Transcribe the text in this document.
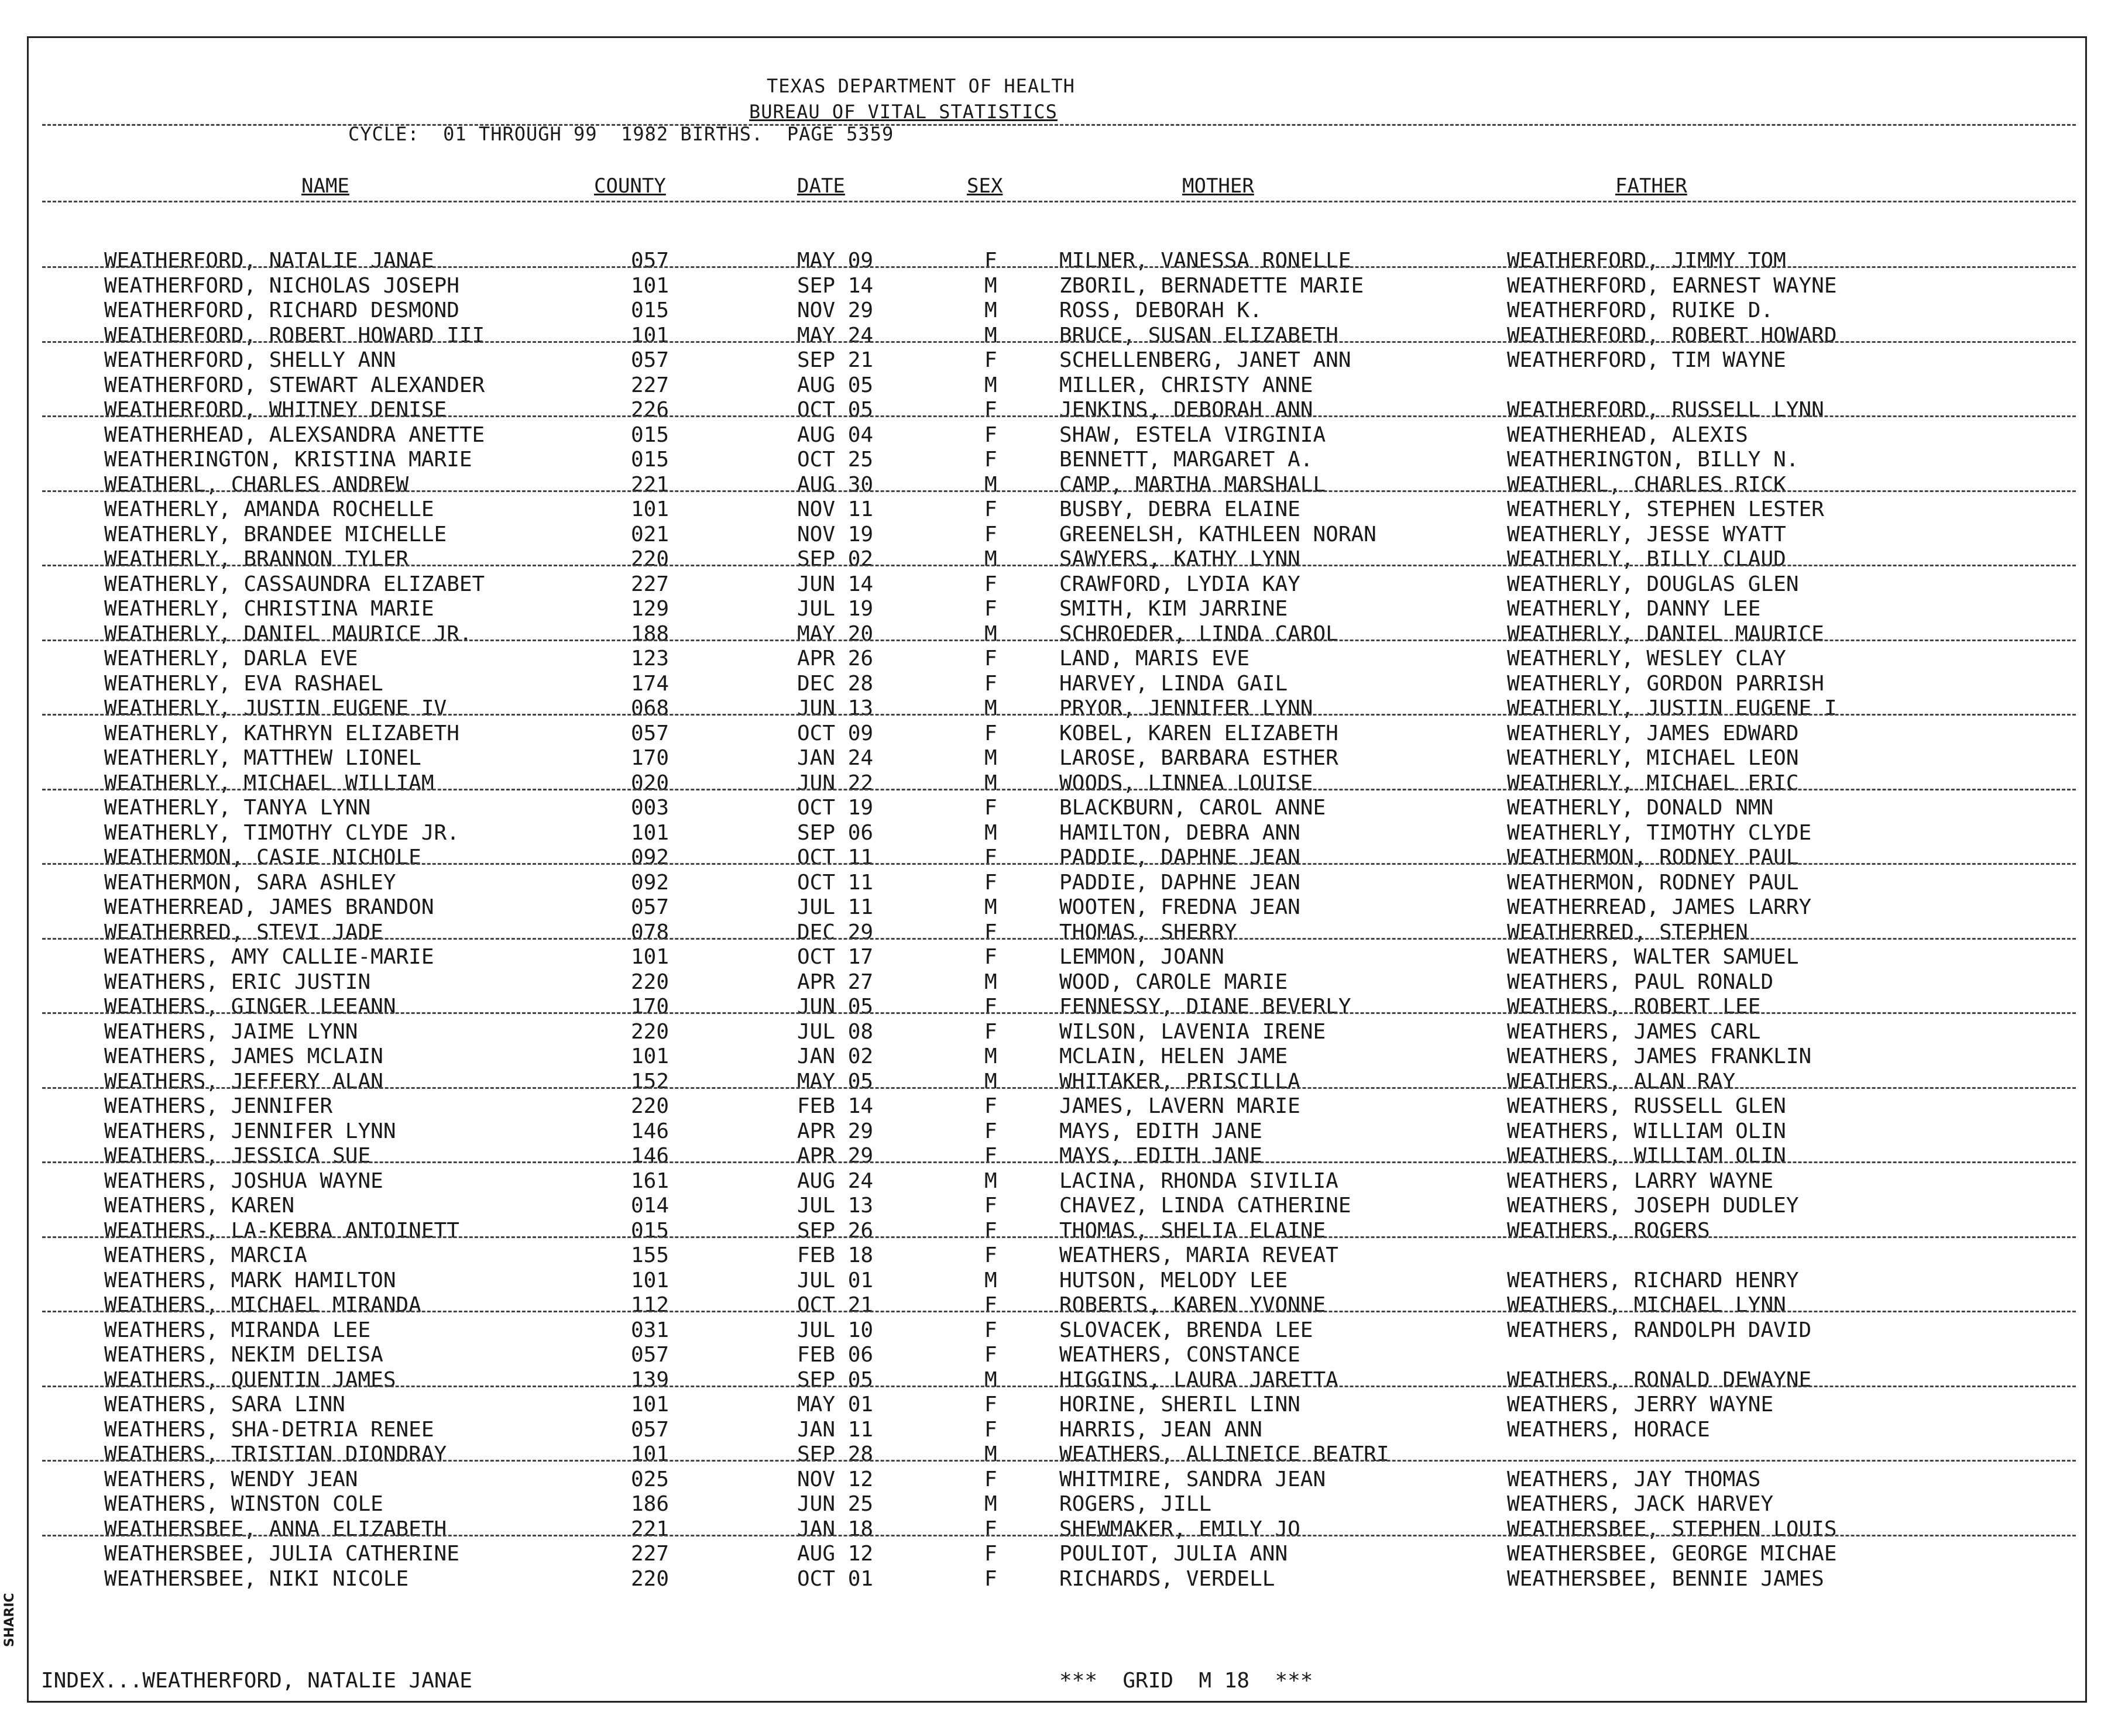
TEXAS DEPARTMENT OF HEALTH
BUREAU OF VITAL STATISTICS
CYCLE:  01 THROUGH 99  1982 BIRTHS.  PAGE 5359
NAME	COUNTY	DATE	SEX	MOTHER	FATHER
WEATHERFORD, NATALIE JANAE	057	MAY 09	F	MILNER, VANESSA RONELLE	WEATHERFORD, JIMMY TOM
WEATHERFORD, NICHOLAS JOSEPH	101	SEP 14	M	ZBORIL, BERNADETTE MARIE	WEATHERFORD, EARNEST WAYNE
WEATHERFORD, RICHARD DESMOND	015	NOV 29	M	ROSS, DEBORAH K.	WEATHERFORD, RUIKE D.
WEATHERFORD, ROBERT HOWARD III	101	MAY 24	M	BRUCE, SUSAN ELIZABETH	WEATHERFORD, ROBERT HOWARD
WEATHERFORD, SHELLY ANN	057	SEP 21	F	SCHELLENBERG, JANET ANN	WEATHERFORD, TIM WAYNE
WEATHERFORD, STEWART ALEXANDER	227	AUG 05	M	MILLER, CHRISTY ANNE
WEATHERFORD, WHITNEY DENISE	226	OCT 05	F	JENKINS, DEBORAH ANN	WEATHERFORD, RUSSELL LYNN
WEATHERHEAD, ALEXSANDRA ANETTE	015	AUG 04	F	SHAW, ESTELA VIRGINIA	WEATHERHEAD, ALEXIS
WEATHERINGTON, KRISTINA MARIE	015	OCT 25	F	BENNETT, MARGARET A.	WEATHERINGTON, BILLY N.
WEATHERL, CHARLES ANDREW	221	AUG 30	M	CAMP, MARTHA MARSHALL	WEATHERL, CHARLES RICK
WEATHERLY, AMANDA ROCHELLE	101	NOV 11	F	BUSBY, DEBRA ELAINE	WEATHERLY, STEPHEN LESTER
WEATHERLY, BRANDEE MICHELLE	021	NOV 19	F	GREENELSH, KATHLEEN NORAN	WEATHERLY, JESSE WYATT
WEATHERLY, BRANNON TYLER	220	SEP 02	M	SAWYERS, KATHY LYNN	WEATHERLY, BILLY CLAUD
WEATHERLY, CASSAUNDRA ELIZABET	227	JUN 14	F	CRAWFORD, LYDIA KAY	WEATHERLY, DOUGLAS GLEN
WEATHERLY, CHRISTINA MARIE	129	JUL 19	F	SMITH, KIM JARRINE	WEATHERLY, DANNY LEE
WEATHERLY, DANIEL MAURICE JR.	188	MAY 20	M	SCHROEDER, LINDA CAROL	WEATHERLY, DANIEL MAURICE
WEATHERLY, DARLA EVE	123	APR 26	F	LAND, MARIS EVE	WEATHERLY, WESLEY CLAY
WEATHERLY, EVA RASHAEL	174	DEC 28	F	HARVEY, LINDA GAIL	WEATHERLY, GORDON PARRISH
WEATHERLY, JUSTIN EUGENE IV	068	JUN 13	M	PRYOR, JENNIFER LYNN	WEATHERLY, JUSTIN EUGENE I
WEATHERLY, KATHRYN ELIZABETH	057	OCT 09	F	KOBEL, KAREN ELIZABETH	WEATHERLY, JAMES EDWARD
WEATHERLY, MATTHEW LIONEL	170	JAN 24	M	LAROSE, BARBARA ESTHER	WEATHERLY, MICHAEL LEON
WEATHERLY, MICHAEL WILLIAM	020	JUN 22	M	WOODS, LINNEA LOUISE	WEATHERLY, MICHAEL ERIC
WEATHERLY, TANYA LYNN	003	OCT 19	F	BLACKBURN, CAROL ANNE	WEATHERLY, DONALD NMN
WEATHERLY, TIMOTHY CLYDE JR.	101	SEP 06	M	HAMILTON, DEBRA ANN	WEATHERLY, TIMOTHY CLYDE
WEATHERMON, CASIE NICHOLE	092	OCT 11	F	PADDIE, DAPHNE JEAN	WEATHERMON, RODNEY PAUL
WEATHERMON, SARA ASHLEY	092	OCT 11	F	PADDIE, DAPHNE JEAN	WEATHERMON, RODNEY PAUL
WEATHERREAD, JAMES BRANDON	057	JUL 11	M	WOOTEN, FREDNA JEAN	WEATHERREAD, JAMES LARRY
WEATHERRED, STEVI JADE	078	DEC 29	F	THOMAS, SHERRY	WEATHERRED, STEPHEN
WEATHERS, AMY CALLIE-MARIE	101	OCT 17	F	LEMMON, JOANN	WEATHERS, WALTER SAMUEL
WEATHERS, ERIC JUSTIN	220	APR 27	M	WOOD, CAROLE MARIE	WEATHERS, PAUL RONALD
WEATHERS, GINGER LEEANN	170	JUN 05	F	FENNESSY, DIANE BEVERLY	WEATHERS, ROBERT LEE
WEATHERS, JAIME LYNN	220	JUL 08	F	WILSON, LAVENIA IRENE	WEATHERS, JAMES CARL
WEATHERS, JAMES MCLAIN	101	JAN 02	M	MCLAIN, HELEN JAME	WEATHERS, JAMES FRANKLIN
WEATHERS, JEFFERY ALAN	152	MAY 05	M	WHITAKER, PRISCILLA	WEATHERS, ALAN RAY
WEATHERS, JENNIFER	220	FEB 14	F	JAMES, LAVERN MARIE	WEATHERS, RUSSELL GLEN
WEATHERS, JENNIFER LYNN	146	APR 29	F	MAYS, EDITH JANE	WEATHERS, WILLIAM OLIN
WEATHERS, JESSICA SUE	146	APR 29	F	MAYS, EDITH JANE	WEATHERS, WILLIAM OLIN
WEATHERS, JOSHUA WAYNE	161	AUG 24	M	LACINA, RHONDA SIVILIA	WEATHERS, LARRY WAYNE
WEATHERS, KAREN	014	JUL 13	F	CHAVEZ, LINDA CATHERINE	WEATHERS, JOSEPH DUDLEY
WEATHERS, LA-KEBRA ANTOINETT	015	SEP 26	F	THOMAS, SHELIA ELAINE	WEATHERS, ROGERS
WEATHERS, MARCIA	155	FEB 18	F	WEATHERS, MARIA REVEAT
WEATHERS, MARK HAMILTON	101	JUL 01	M	HUTSON, MELODY LEE	WEATHERS, RICHARD HENRY
WEATHERS, MICHAEL MIRANDA	112	OCT 21	F	ROBERTS, KAREN YVONNE	WEATHERS, MICHAEL LYNN
WEATHERS, MIRANDA LEE	031	JUL 10	F	SLOVACEK, BRENDA LEE	WEATHERS, RANDOLPH DAVID
WEATHERS, NEKIM DELISA	057	FEB 06	F	WEATHERS, CONSTANCE
WEATHERS, QUENTIN JAMES	139	SEP 05	M	HIGGINS, LAURA JARETTA	WEATHERS, RONALD DEWAYNE
WEATHERS, SARA LINN	101	MAY 01	F	HORINE, SHERIL LINN	WEATHERS, JERRY WAYNE
WEATHERS, SHA-DETRIA RENEE	057	JAN 11	F	HARRIS, JEAN ANN	WEATHERS, HORACE
WEATHERS, TRISTIAN DIONDRAY	101	SEP 28	M	WEATHERS, ALLINEICE BEATRI
WEATHERS, WENDY JEAN	025	NOV 12	F	WHITMIRE, SANDRA JEAN	WEATHERS, JAY THOMAS
WEATHERS, WINSTON COLE	186	JUN 25	M	ROGERS, JILL	WEATHERS, JACK HARVEY
WEATHERSBEE, ANNA ELIZABETH	221	JAN 18	F	SHEWMAKER, EMILY JO	WEATHERSBEE, STEPHEN LOUIS
WEATHERSBEE, JULIA CATHERINE	227	AUG 12	F	POULIOT, JULIA ANN	WEATHERSBEE, GEORGE MICHAE
WEATHERSBEE, NIKI NICOLE	220	OCT 01	F	RICHARDS, VERDELL	WEATHERSBEE, BENNIE JAMES
INDEX...WEATHERFORD, NATALIE JANAE	***  GRID  M 18  ***
SHARIC
